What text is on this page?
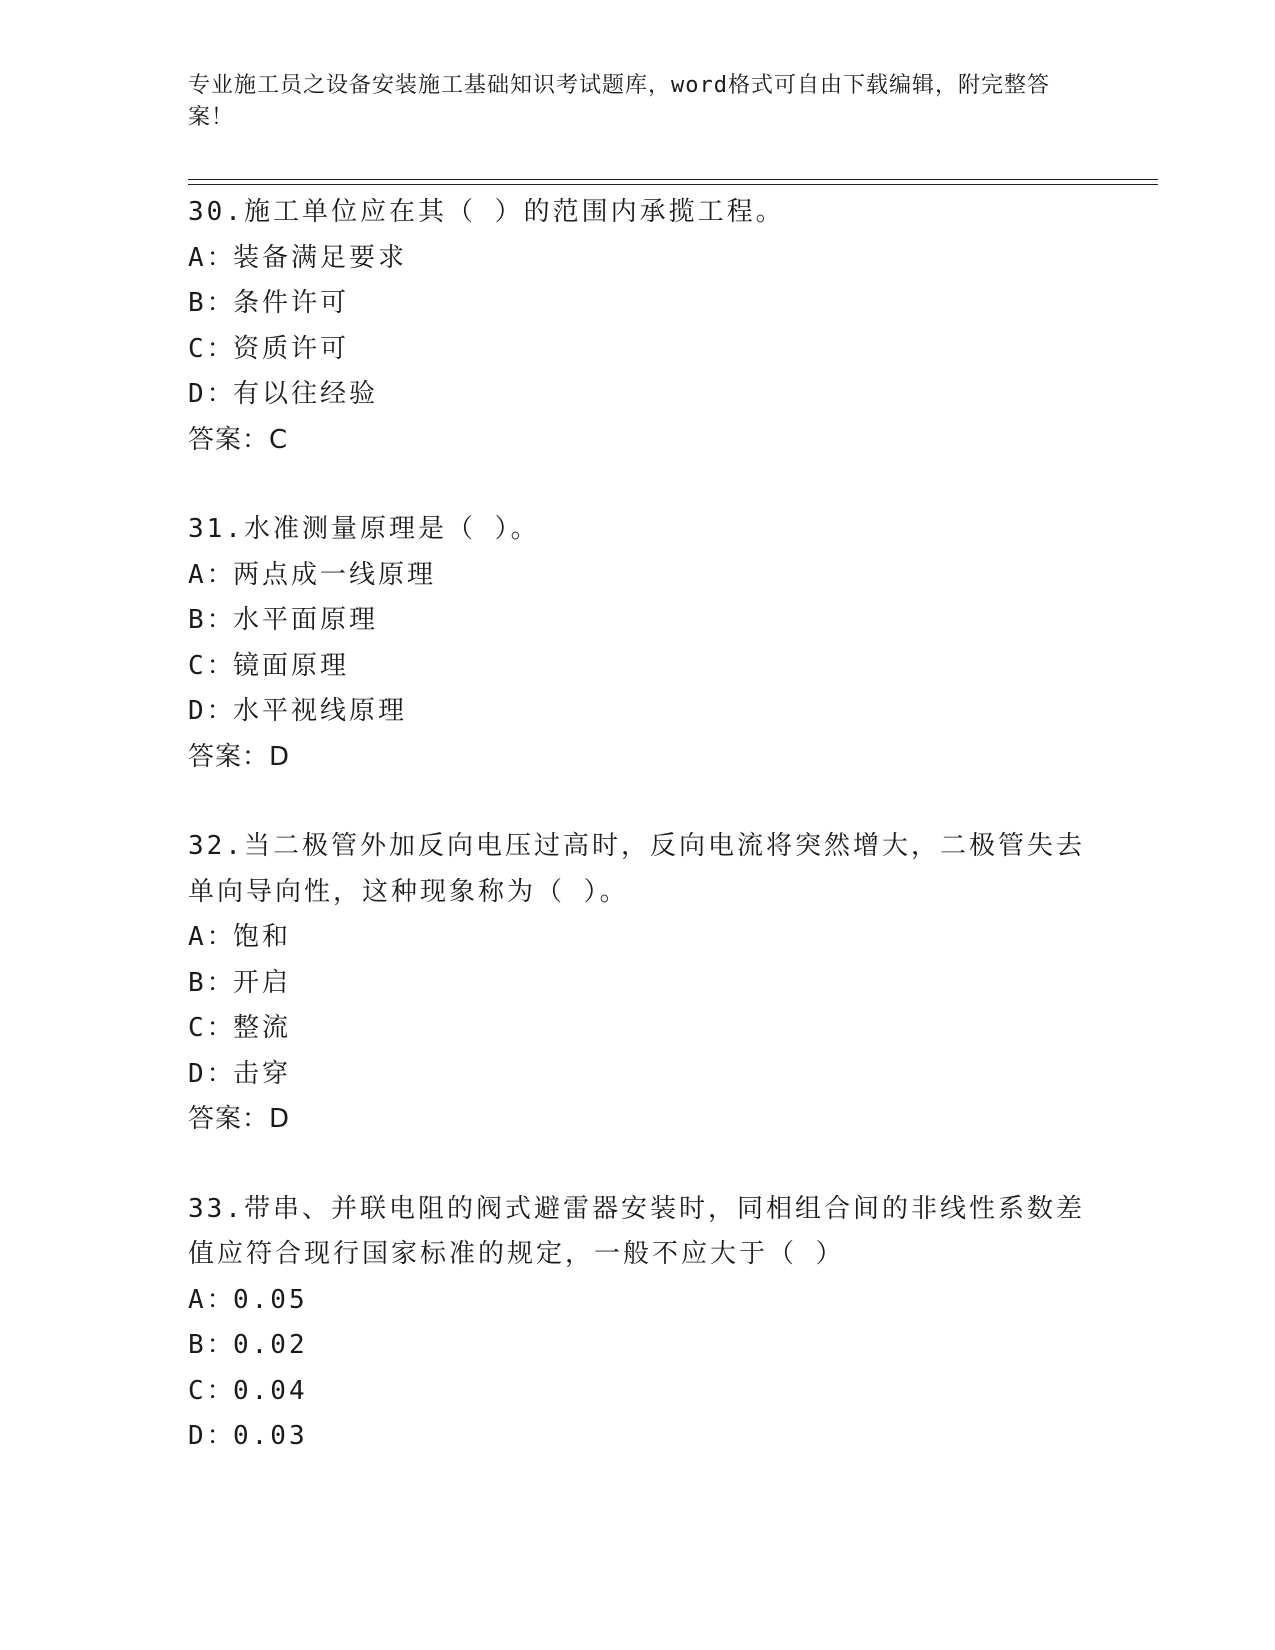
专业施工员之设备安装施工基础知识考试题库，word格式可自由下载编辑，附完整答案！
30.施工单位应在其（ ）的范围内承揽工程。
A：
装备满足要求
B：
条件许可
C：
资质许可
D：
有以往经验
答案：C
31.水准测量原理是（ ）。
A：
两点成一线原理
B：
水平面原理
C：
镜面原理
D：
水平视线原理
答案：D
32.当二极管外加反向电压过高时，反向电流将突然增大，二极管失去单向导向性，这种现象称为（ ）。
A：
饱和
B：
开启
C：
整流
D：
击穿
答案：D
33.带串、并联电阻的阀式避雷器安装时，同相组合间的非线性系数差值应符合现行国家标准的规定，一般不应大于（ ）
A：
0.05
B：
0.02
C：
0.04
D：
0.03
